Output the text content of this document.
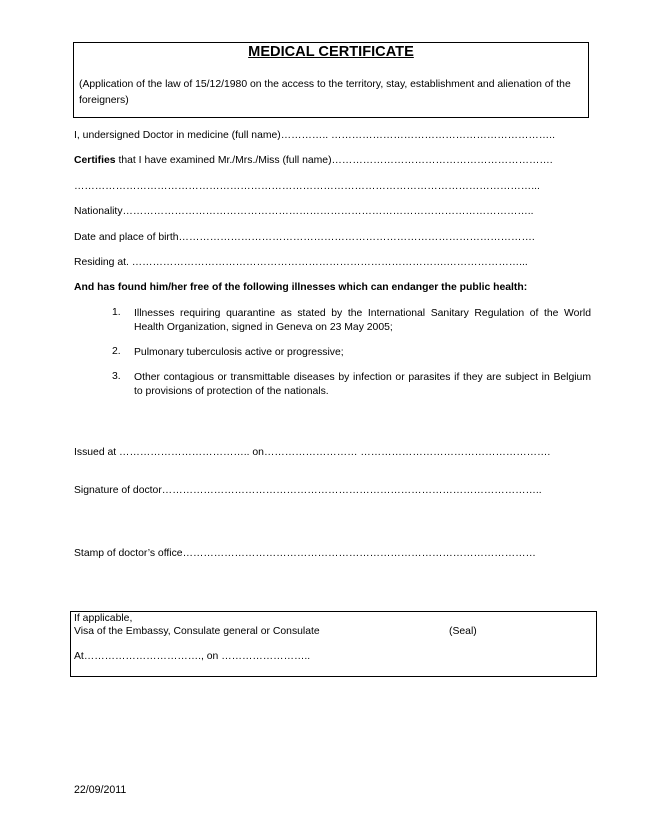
MEDICAL CERTIFICATE
(Application of the law of 15/12/1980 on the access to the territory, stay, establishment and alienation of the foreigners)
I, undersigned Doctor in medicine (full name)………….. ………………………………………………………..
Certifies that I have examined Mr./Mrs./Miss (full name)……………………………………………………….
……………………………………………………………………………………………………………………...
Nationality………………………………………………………………………………………………………..
Date and place of birth………………………………………………………………………………………….
Residing at. ……………………………………………………………………………….…………………...
And has found him/her free of the following illnesses which can endanger the public health:
1. Illnesses requiring quarantine as stated by the International Sanitary Regulation of the World Health Organization, signed in Geneva on 23 May 2005;
2. Pulmonary tuberculosis active or progressive;
3. Other contagious or transmittable diseases by infection or parasites if they are subject in Belgium to provisions of protection of the nationals.
Issued at ……………………………….. on……………………… ……………………………………………….
Signature of doctor………………………………………………………………………………………………..
Stamp of doctor’s office…………………………………………………………………………………………
If applicable,
Visa of the Embassy, Consulate general or Consulate	(Seal)
At……………………………., on ……………………..
22/09/2011
